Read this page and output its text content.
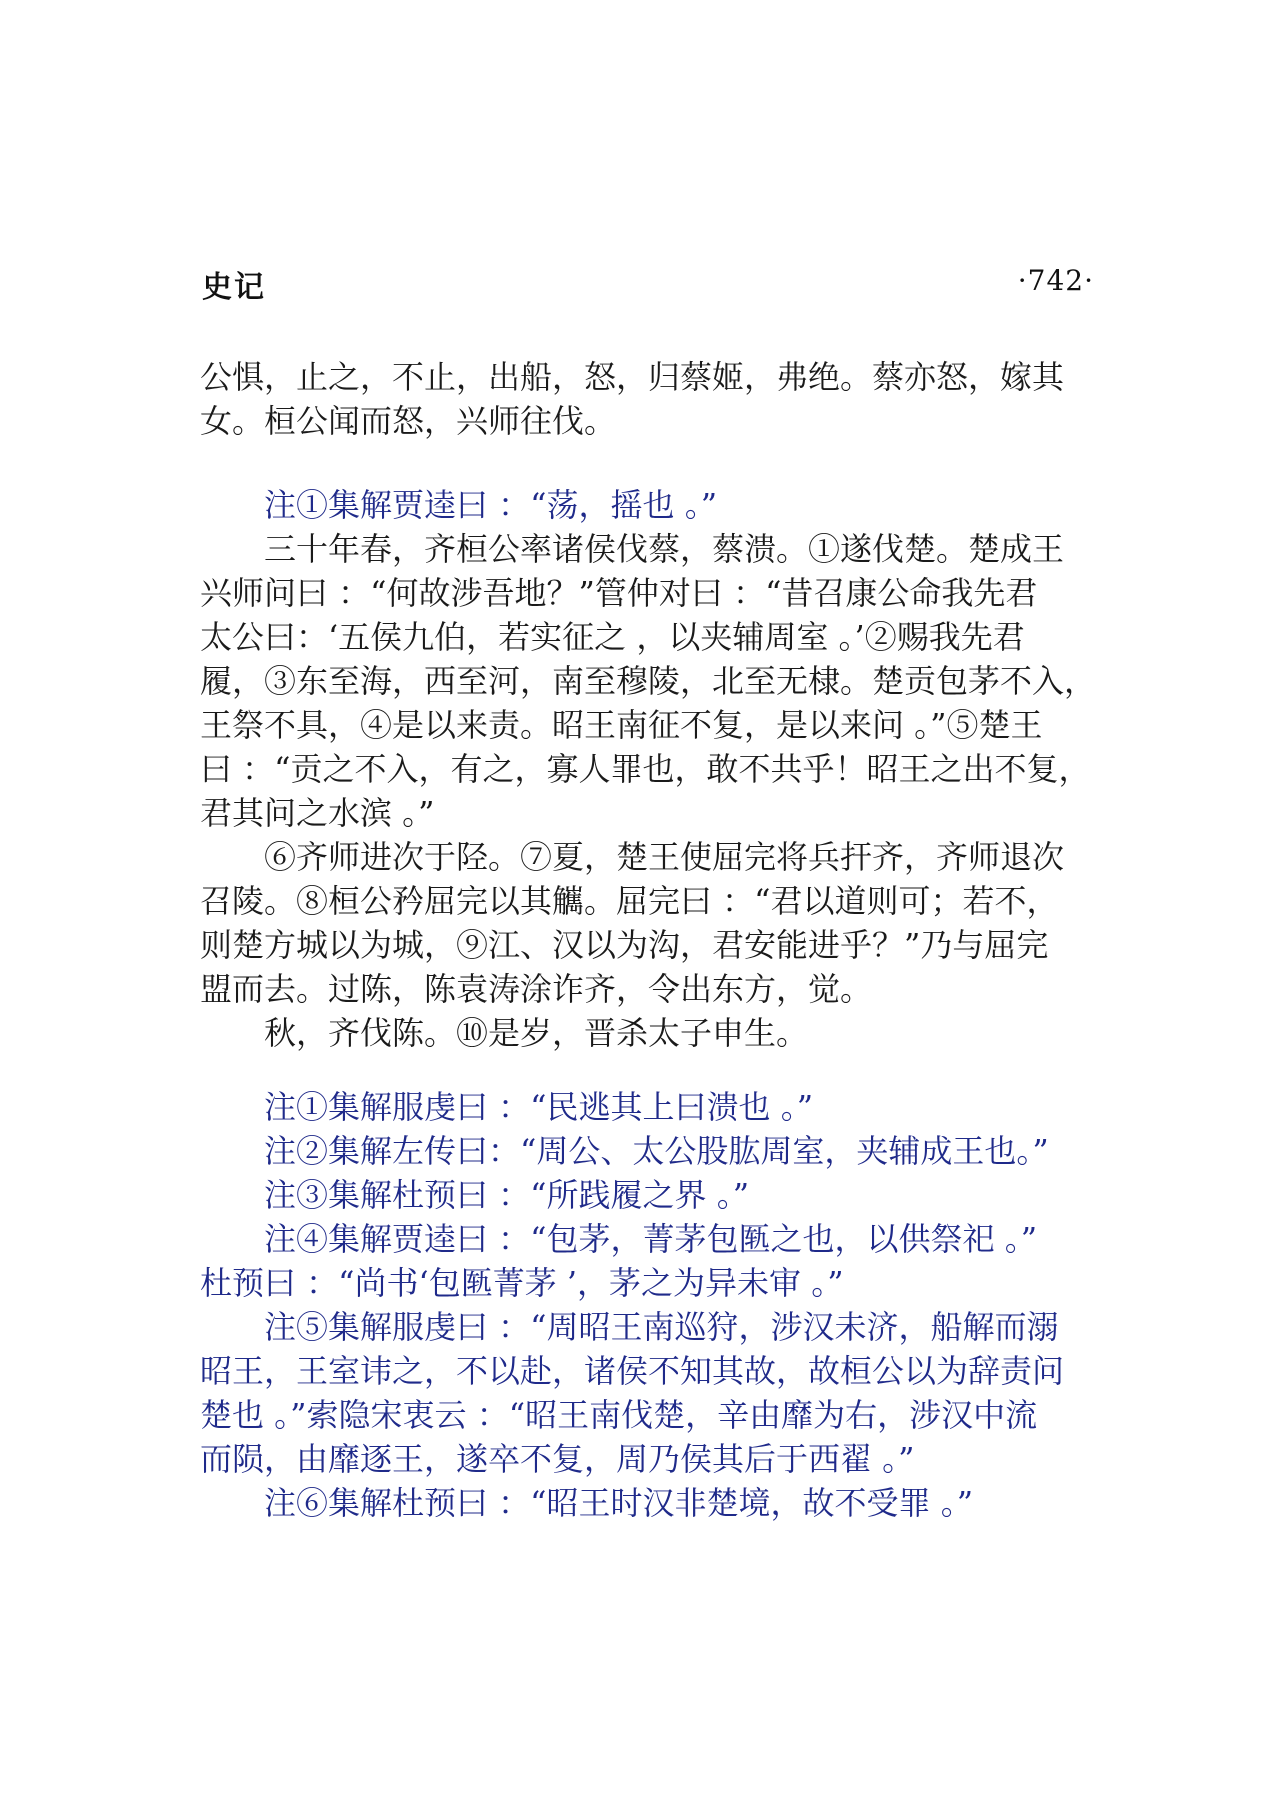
史记	·742·
公惧，止之，不止，出船，怒，归蔡姬，弗绝。蔡亦怒，嫁其
女。桓公闻而怒，兴师往伐。
注①集解贾逵曰 ：“荡，摇也 。”
三十年春，齐桓公率诸侯伐蔡，蔡溃。①遂伐楚。楚成王
兴师问曰 ：“何故涉吾地？”管仲对曰 ：“昔召康公命我先君
太公曰：‘五侯九伯，若实征之 ，以夹辅周室 。’②赐我先君
履，③东至海，西至河，南至穆陵，北至无棣。楚贡包茅不入，
王祭不具，④是以来责。昭王南征不复，是以来问 。”⑤楚王
曰 ：“贡之不入，有之，寡人罪也，敢不共乎！昭王之出不复，
君其问之水滨 。”
⑥齐师进次于陉。⑦夏，楚王使屈完将兵扞齐，齐师退次
召陵。⑧桓公矜屈完以其觽。屈完曰 ：“君以道则可；若不，
则楚方城以为城，⑨江、汉以为沟，君安能进乎？”乃与屈完
盟而去。过陈，陈袁涛涂诈齐，令出东方，觉。
秋，齐伐陈。⑩是岁，晋杀太子申生。
注①集解服虔曰 ：“民逃其上曰溃也 。”
注②集解左传曰：“周公、太公股肱周室，夹辅成王也。”
注③集解杜预曰 ：“所践履之界 。”
注④集解贾逵曰 ：“包茅，菁茅包匦之也，以供祭祀 。”
杜预曰 ：“尚书‘包匦菁茅 ’，茅之为异未审 。”
注⑤集解服虔曰 ：“周昭王南巡狩，涉汉未济，船解而溺
昭王，王室讳之，不以赴，诸侯不知其故，故桓公以为辞责问
楚也 。”索隐宋衷云 ：“昭王南伐楚，辛由靡为右，涉汉中流
而陨，由靡逐王，遂卒不复，周乃侯其后于西翟 。”
注⑥集解杜预曰 ：“昭王时汉非楚境，故不受罪 。”
